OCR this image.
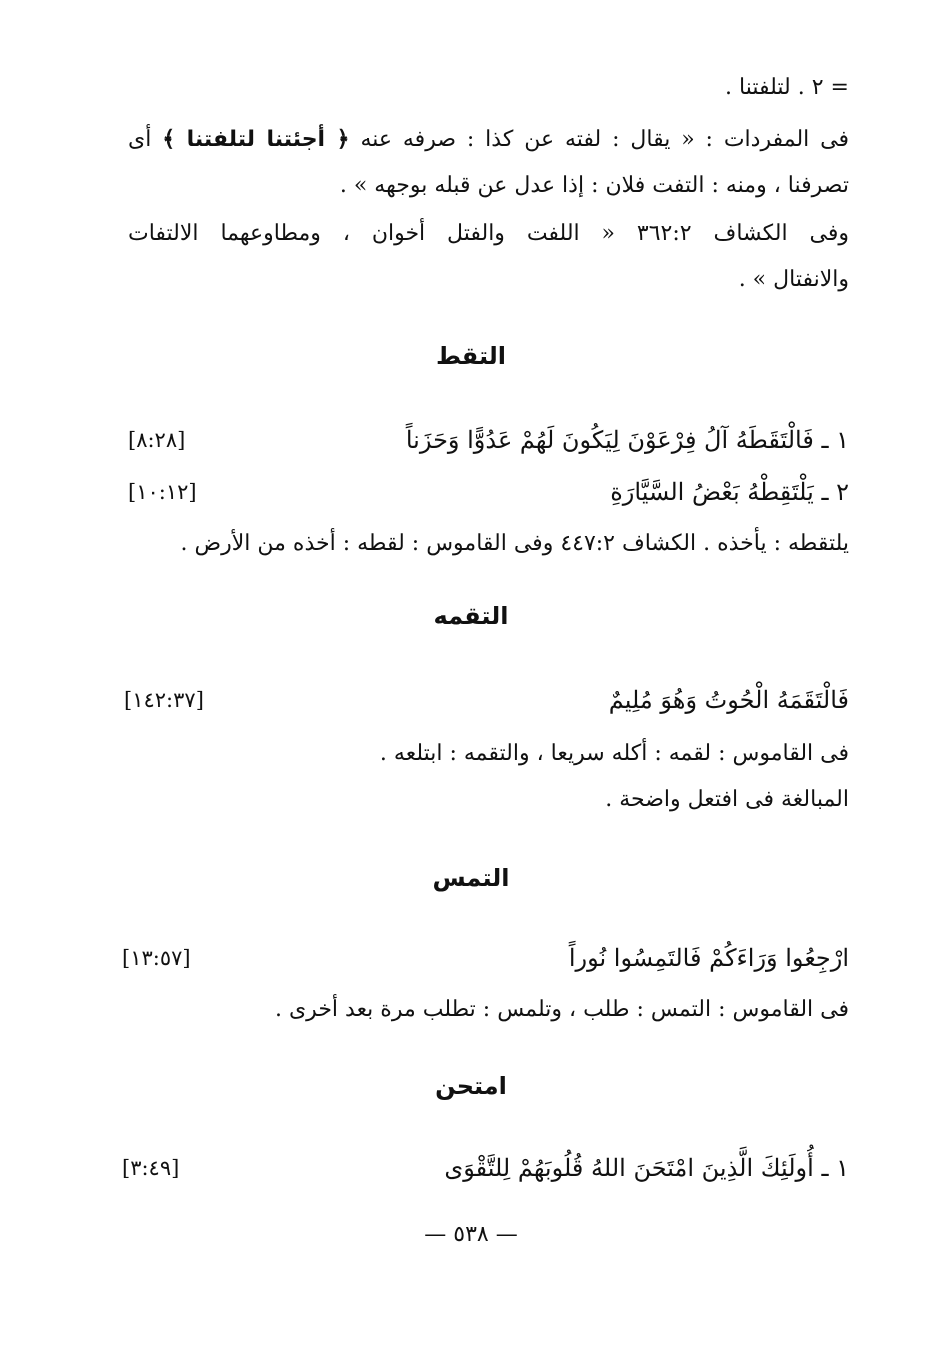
= ٢ . لتلفتنا .
فى المفردات : « يقال : لفته عن كذا : صرفه عنه ﴿ أجئتنا لتلفتنا ﴾ أى
تصرفنا ، ومنه : التفت فلان : إذا عدل عن قبله بوجهه » .
وفى الكشاف ٣٦٢:٢ « اللفت والفتل أخوان ، ومطاوعهما الالتفات
والانفتال » .
التقط
١ ـ فَالْتَقَطَهُ آلُ فِرْعَوْنَ لِيَكُونَ لَهُمْ عَدُوًّا وَحَزَناً
[٨:٢٨]
٢ ـ يَلْتَقِطْهُ بَعْضُ السَّيَّارَةِ
[١٠:١٢]
يلتقطه : يأخذه . الكشاف ٤٤٧:٢ وفى القاموس : لقطه : أخذه من الأرض .
التقمه
فَالْتَقَمَهُ الْحُوتُ وَهُوَ مُلِيمٌ
[١٤٢:٣٧]
فى القاموس : لقمه : أكله سريعا ، والتقمه : ابتلعه .
المبالغة فى افتعل واضحة .
التمس
ارْجِعُوا وَرَاءَكُمْ فَالتَمِسُوا نُوراً
[١٣:٥٧]
فى القاموس : التمس : طلب ، وتلمس : تطلب مرة بعد أخرى .
امتحن
١ ـ أُولَئِكَ الَّذِينَ امْتَحَنَ اللهُ قُلُوبَهُمْ لِلتَّقْوَى
[٣:٤٩]
— ٥٣٨ —
